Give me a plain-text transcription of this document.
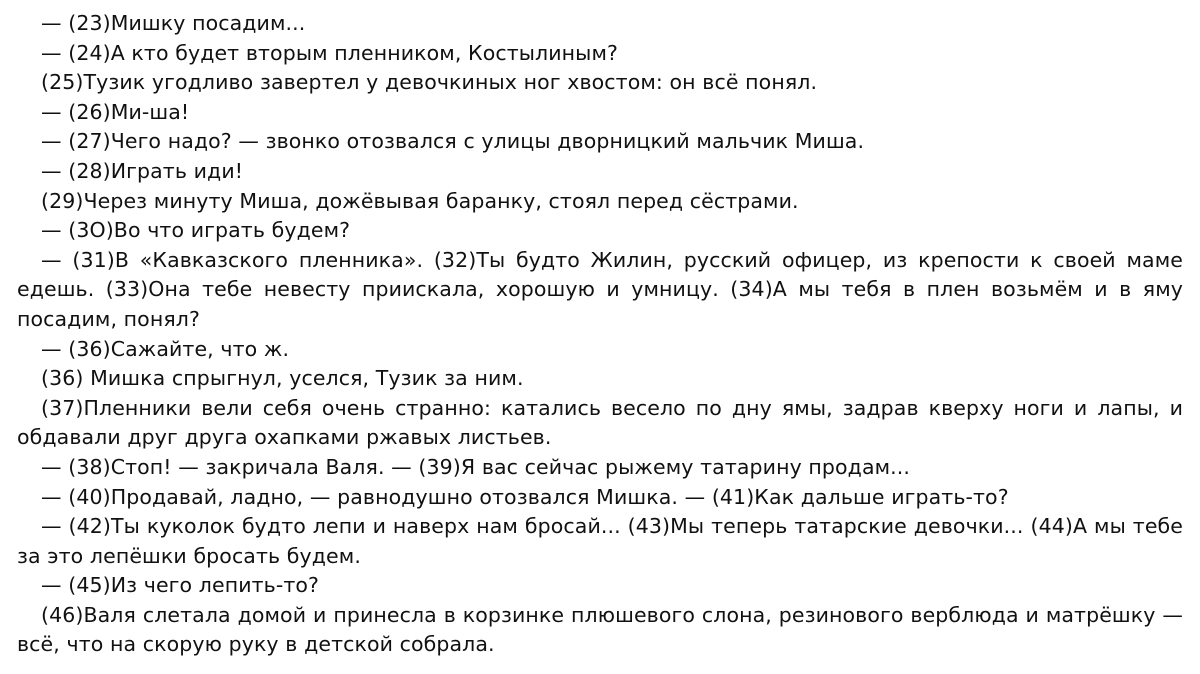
— (23)Мишку посадим...

— (24)А кто будет вторым пленником, Костылиным?

(25)Тузик угодливо завертел у девочкиных ног хвостом: он всё понял.

— (26)Ми-ша!

— (27)Чего надо? — звонко отозвался с улицы дворницкий мальчик Миша.

— (28)Играть иди!

(29)Через минуту Миша, дожёвывая баранку, стоял перед сёстрами.

— (3О)Во что играть будем?

— (31)В «Кавказского пленника». (32)Ты будто Жилин, русский офицер, из крепости к своей маме едешь. (33)Она тебе невесту приискала, хорошую и умницу. (34)А мы тебя в плен возьмём и в яму посадим, понял?

— (36)Сажайте, что ж.

(36) Мишка спрыгнул, уселся, Тузик за ним.

(37)Пленники вели себя очень странно: катались весело по дну ямы, задрав кверху ноги и лапы, и обдавали друг друга охапками ржавых листьев.

— (38)Стоп! — закричала Валя. — (39)Я вас сейчас рыжему татарину продам...

— (40)Продавай, ладно, — равнодушно отозвался Мишка. — (41)Как дальше играть-то?

— (42)Ты куколок будто лепи и наверх нам бросай... (43)Мы теперь татарские девочки... (44)А мы тебе за это лепёшки бросать будем.

— (45)Из чего лепить-то?

(46)Валя слетала домой и принесла в корзинке плюшевого слона, резинового верблюда и матрёшку — всё, что на скорую руку в детской собрала.
